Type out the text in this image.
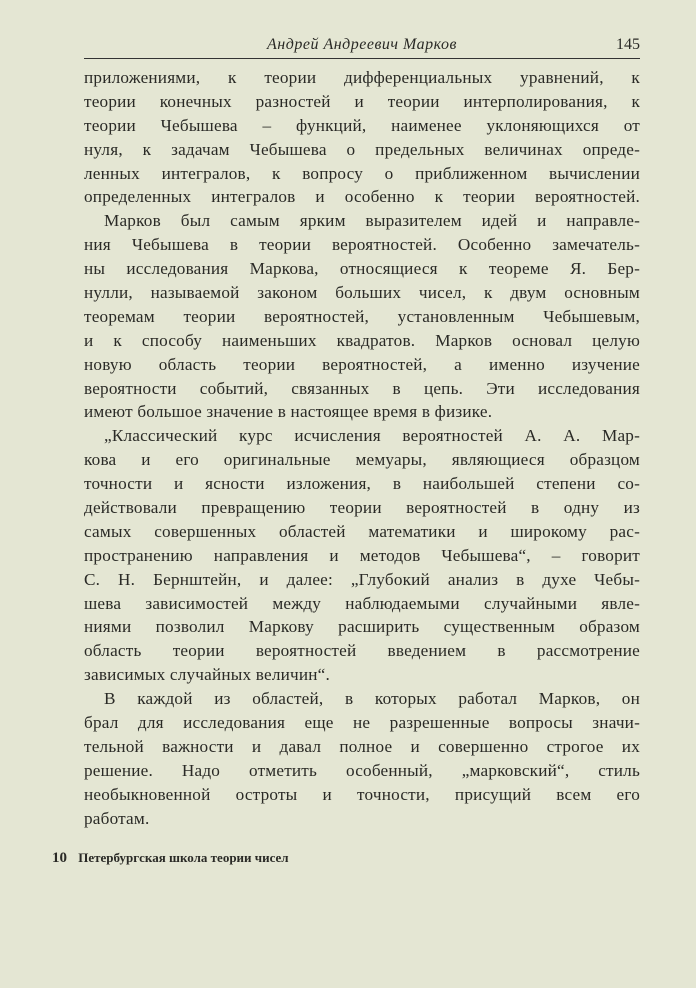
Андрей Андреевич Марков	145
приложениями, к теории дифференциальных уравнений, к
теории конечных разностей и теории интерполирования, к
теории Чебышева – функций, наименее уклоняющихся от
нуля, к задачам Чебышева о предельных величинах опреде-
ленных интегралов, к вопросу о приближенном вычислении
определенных интегралов и особенно к теории вероятностей.
Марков был самым ярким выразителем идей и направле-
ния Чебышева в теории вероятностей. Особенно замечатель-
ны исследования Маркова, относящиеся к теореме Я. Бер-
нулли, называемой законом больших чисел, к двум основным
теоремам теории вероятностей, установленным Чебышевым,
и к способу наименьших квадратов. Марков основал целую
новую область теории вероятностей, а именно изучение
вероятности событий, связанных в цепь. Эти исследования
имеют большое значение в настоящее время в физике.
„Классический курс исчисления вероятностей А. А. Мар-
кова и его оригинальные мемуары, являющиеся образцом
точности и ясности изложения, в наибольшей степени со-
действовали превращению теории вероятностей в одну из
самых совершенных областей математики и широкому рас-
пространению направления и методов Чебышева“, – говорит
С. Н. Бернштейн, и далее: „Глубокий анализ в духе Чебы-
шева зависимостей между наблюдаемыми случайными явле-
ниями позволил Маркову расширить существенным образом
область теории вероятностей введением в рассмотрение
зависимых случайных величин“.
В каждой из областей, в которых работал Марков, он
брал для исследования еще не разрешенные вопросы значи-
тельной важности и давал полное и совершенно строгое их
решение. Надо отметить особенный, „марковский“, стиль
необыкновенной остроты и точности, присущий всем его
работам.
10 Петербургская школа теории чисел
